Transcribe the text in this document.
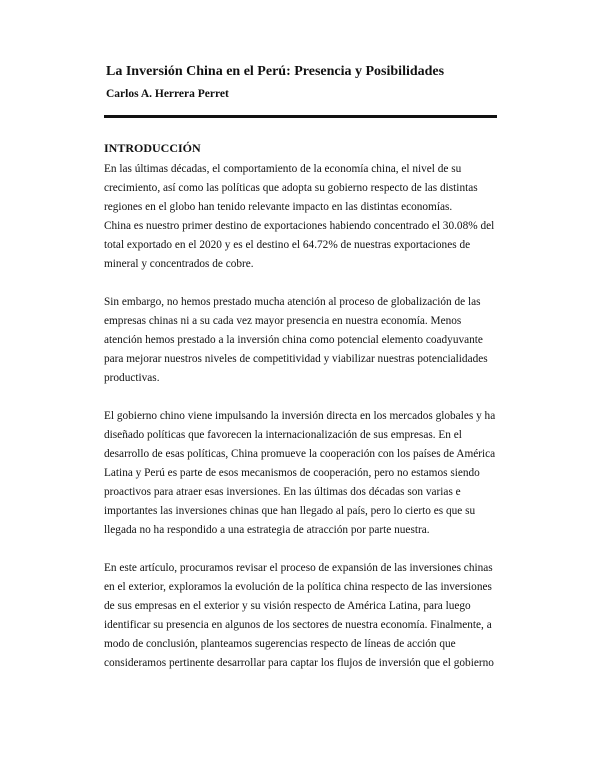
La Inversión China en el Perú: Presencia y Posibilidades
Carlos A. Herrera Perret
INTRODUCCIÓN

En las últimas décadas, el comportamiento de la economía china, el nivel de su
crecimiento, así como las políticas que adopta su gobierno respecto de las distintas
regiones en el globo han tenido relevante impacto en las distintas economías.
China es nuestro primer destino de exportaciones habiendo concentrado el 30.08% del
total exportado en el 2020 y es el destino el 64.72% de nuestras exportaciones de
mineral y concentrados de cobre.

Sin embargo, no hemos prestado mucha atención al proceso de globalización de las
empresas chinas ni a su cada vez mayor presencia en nuestra economía. Menos
atención hemos prestado a la inversión china como potencial elemento coadyuvante
para mejorar nuestros niveles de competitividad y viabilizar nuestras potencialidades
productivas.

El gobierno chino viene impulsando la inversión directa en los mercados globales y ha
diseñado políticas que favorecen la internacionalización de sus empresas. En el
desarrollo de esas políticas, China promueve la cooperación con los países de América
Latina y Perú es parte de esos mecanismos de cooperación, pero no estamos siendo
proactivos para atraer esas inversiones. En las últimas dos décadas son varias e
importantes las inversiones chinas que han llegado al país, pero lo cierto es que su
llegada no ha respondido a una estrategia de atracción por parte nuestra.

En este artículo, procuramos revisar el proceso de expansión de las inversiones chinas
en el exterior, exploramos la evolución de la política china respecto de las inversiones
de sus empresas en el exterior y su visión respecto de América Latina, para luego
identificar su presencia en algunos de los sectores de nuestra economía. Finalmente, a
modo de conclusión, planteamos sugerencias respecto de líneas de acción que
consideramos pertinente desarrollar para captar los flujos de inversión que el gobierno
